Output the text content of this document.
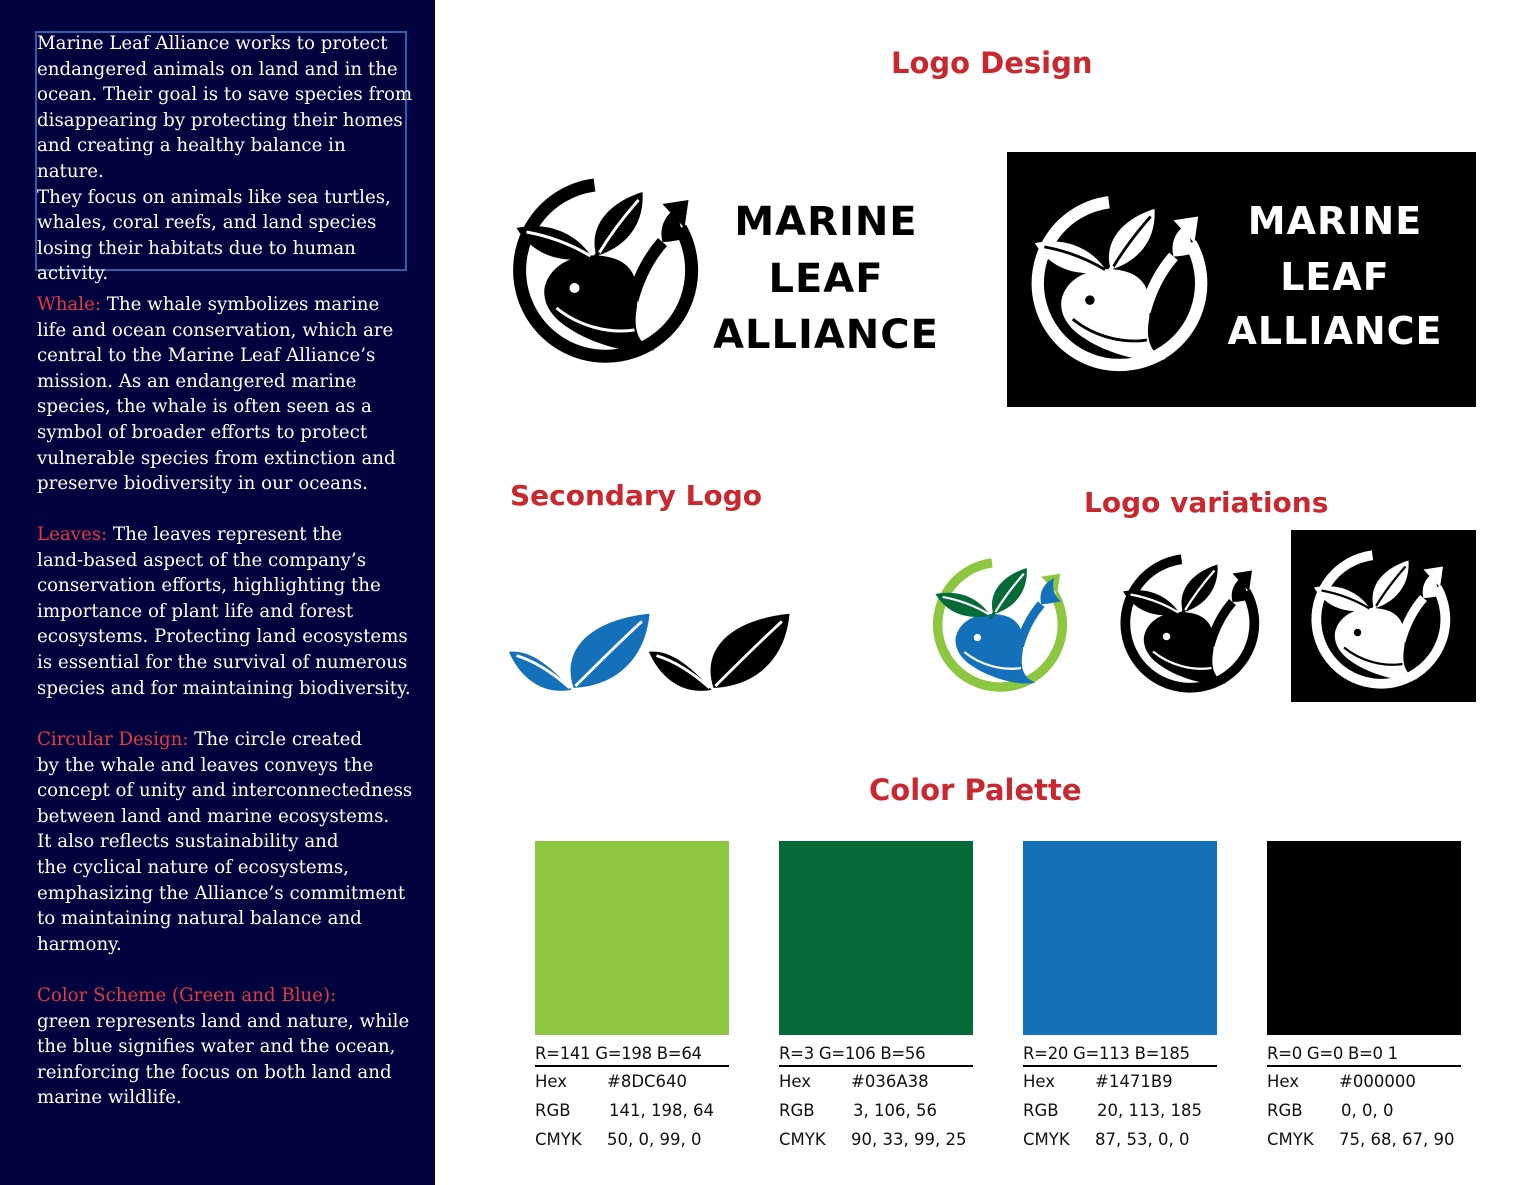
Marine Leaf Alliance works to protect
endangered animals on land and in the
ocean. Their goal is to save species from
disappearing by protecting their homes
and creating a healthy balance in nature.
They focus on animals like sea turtles,
whales, coral reefs, and land species
losing their habitats due to human
activity.

Whale: The whale symbolizes marine
life and ocean conservation, which are
central to the Marine Leaf Alliance’s
mission. As an endangered marine
species, the whale is often seen as a
symbol of broader efforts to protect
vulnerable species from extinction and
preserve biodiversity in our oceans.

Leaves: The leaves represent the
land-based aspect of the company’s
conservation efforts, highlighting the
importance of plant life and forest
ecosystems. Protecting land ecosystems
is essential for the survival of numerous
species and for maintaining biodiversity.

Circular Design: The circle created
by the whale and leaves conveys the
concept of unity and interconnectedness
between land and marine ecosystems.
It also reflects sustainability and
the cyclical nature of ecosystems,
emphasizing the Alliance’s commitment
to maintaining natural balance and
harmony.

Color Scheme (Green and Blue): The
green represents land and nature, while
the blue signifies water and the ocean,
reinforcing the focus on both land and
marine wildlife.

Logo Design
Secondary Logo	Logo variations
Color Palette
MARINE
LEAF
ALLIANCE
MARINE
LEAF
ALLIANCE
R=141 G=198 B=64
Hex #8DC640
RGB 141, 198, 64
CMYK 50, 0, 99, 0
R=3 G=106 B=56
Hex #036A38
RGB 3, 106, 56
CMYK 90, 33, 99, 25
R=20 G=113 B=185
Hex #1471B9
RGB 20, 113, 185
CMYK 87, 53, 0, 0
R=0 G=0 B=0 1
Hex #000000
RGB 0, 0, 0
CMYK 75, 68, 67, 90
